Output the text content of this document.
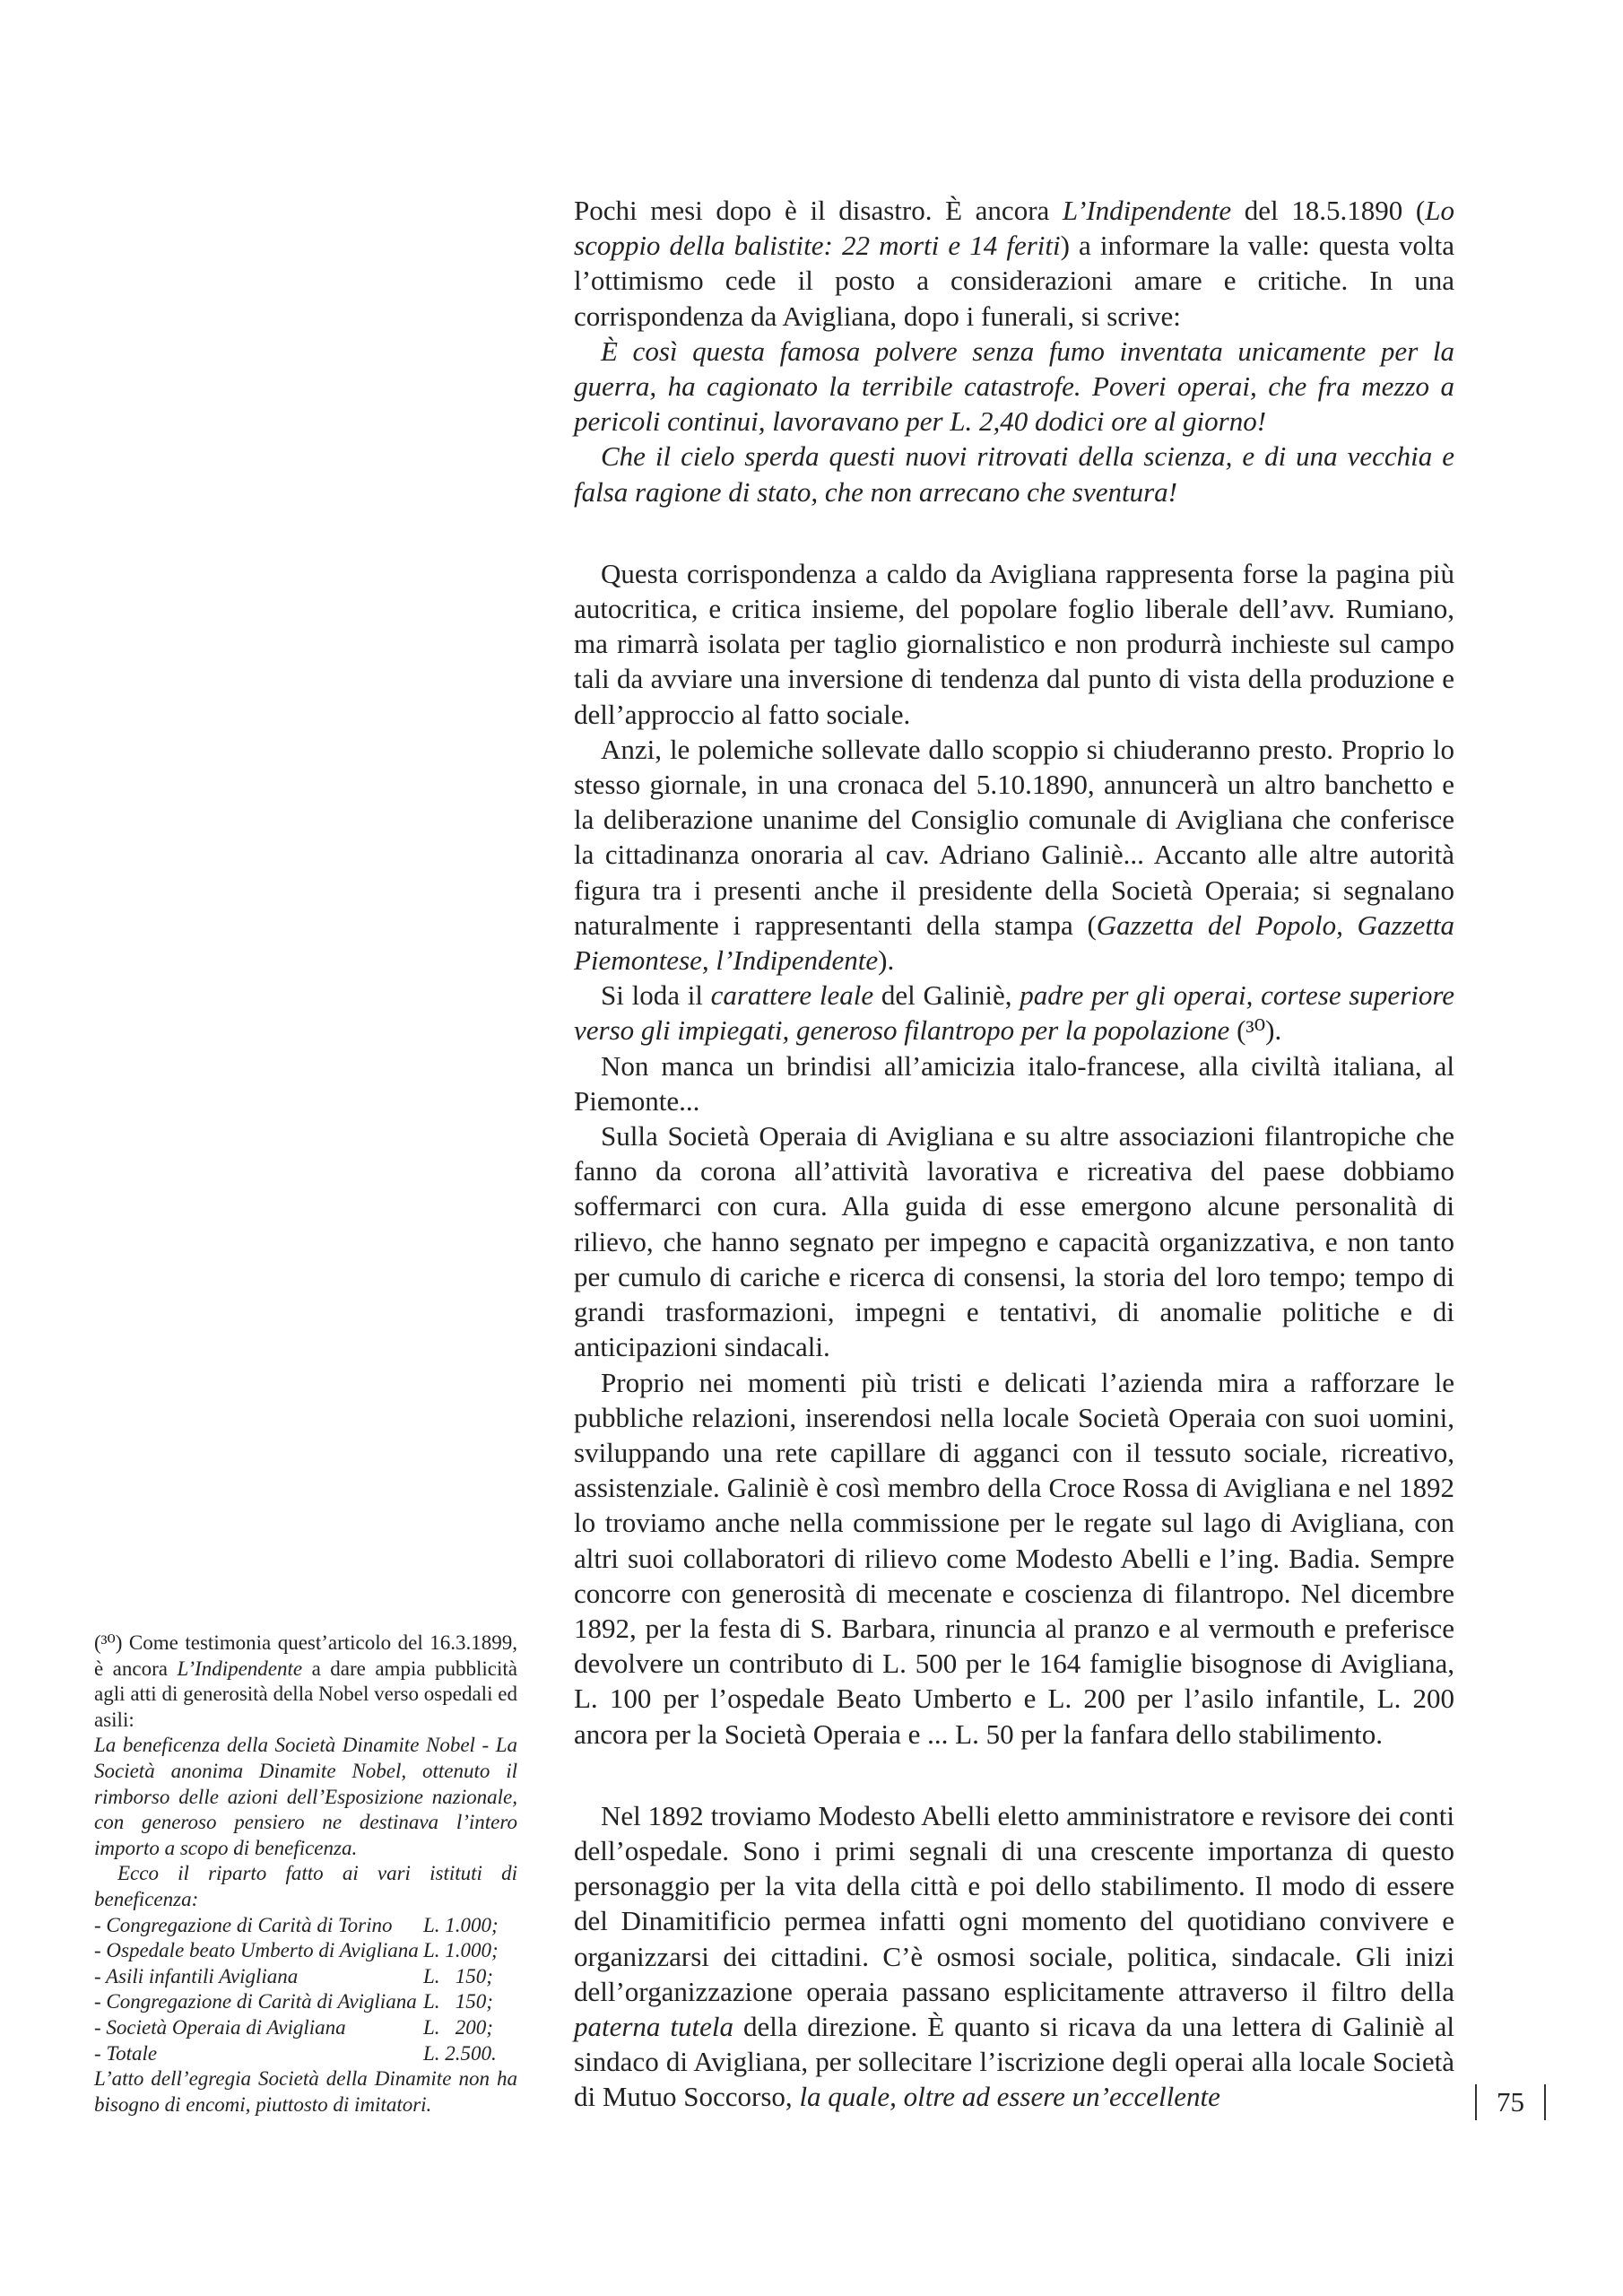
Pochi mesi dopo è il disastro. È ancora L’Indipendente del 18.5.1890 (Lo scoppio della balistite: 22 morti e 14 feriti) a informare la valle: questa volta l’ottimismo cede il posto a considerazioni amare e critiche. In una corrispondenza da Avigliana, dopo i funerali, si scrive:

È così questa famosa polvere senza fumo inventata unicamente per la guerra, ha cagionato la terribile catastrofe. Poveri operai, che fra mezzo a pericoli continui, lavoravano per L. 2,40 dodici ore al giorno!

Che il cielo sperda questi nuovi ritrovati della scienza, e di una vecchia e falsa ragione di stato, che non arrecano che sventura!

Questa corrispondenza a caldo da Avigliana rappresenta forse la pagina più autocritica, e critica insieme, del popolare foglio liberale dell’avv. Rumiano, ma rimarrà isolata per taglio giornalistico e non produrrà inchieste sul campo tali da avviare una inversione di tendenza dal punto di vista della produzione e dell’approccio al fatto sociale.

Anzi, le polemiche sollevate dallo scoppio si chiuderanno presto. Proprio lo stesso giornale, in una cronaca del 5.10.1890, annuncerà un altro banchetto e la deliberazione unanime del Consiglio comunale di Avigliana che conferisce la cittadinanza onoraria al cav. Adriano Galiniè... Accanto alle altre autorità figura tra i presenti anche il presidente della Società Operaia; si segnalano naturalmente i rappresentanti della stampa (Gazzetta del Popolo, Gazzetta Piemontese, l’Indipendente).

Si loda il carattere leale del Galiniè, padre per gli operai, cortese superiore verso gli impiegati, generoso filantropo per la popolazione (³⁰).

Non manca un brindisi all’amicizia italo-francese, alla civiltà italiana, al Piemonte...

Sulla Società Operaia di Avigliana e su altre associazioni filantropiche che fanno da corona all’attività lavorativa e ricreativa del paese dobbiamo soffermarci con cura. Alla guida di esse emergono alcune personalità di rilievo, che hanno segnato per impegno e capacità organizzativa, e non tanto per cumulo di cariche e ricerca di consensi, la storia del loro tempo; tempo di grandi trasformazioni, impegni e tentativi, di anomalie politiche e di anticipazioni sindacali.

Proprio nei momenti più tristi e delicati l’azienda mira a rafforzare le pubbliche relazioni, inserendosi nella locale Società Operaia con suoi uomini, sviluppando una rete capillare di agganci con il tessuto sociale, ricreativo, assistenziale. Galiniè è così membro della Croce Rossa di Avigliana e nel 1892 lo troviamo anche nella commissione per le regate sul lago di Avigliana, con altri suoi collaboratori di rilievo come Modesto Abelli e l’ing. Badia. Sempre concorre con generosità di mecenate e coscienza di filantropo. Nel dicembre 1892, per la festa di S. Barbara, rinuncia al pranzo e al vermouth e preferisce devolvere un contributo di L. 500 per le 164 famiglie bisognose di Avigliana, L. 100 per l’ospedale Beato Umberto e L. 200 per l’asilo infantile, L. 200 ancora per la Società Operaia e ... L. 50 per la fanfara dello stabilimento.

Nel 1892 troviamo Modesto Abelli eletto amministratore e revisore dei conti dell’ospedale. Sono i primi segnali di una crescente importanza di questo personaggio per la vita della città e poi dello stabilimento. Il modo di essere del Dinamitificio permea infatti ogni momento del quotidiano convivere e organizzarsi dei cittadini. C’è osmosi sociale, politica, sindacale. Gli inizi dell’organizzazione operaia passano esplicitamente attraverso il filtro della paterna tutela della direzione. È quanto si ricava da una lettera di Galiniè al sindaco di Avigliana, per sollecitare l’iscrizione degli operai alla locale Società di Mutuo Soccorso, la quale, oltre ad essere un’eccellente

(³⁰) Come testimonia quest’articolo del 16.3.1899, è ancora L’Indipendente a dare ampia pubblicità agli atti di generosità della Nobel verso ospedali ed asili:

La beneficenza della Società Dinamite Nobel - La Società anonima Dinamite Nobel, ottenuto il rimborso delle azioni dell’Esposizione nazionale, con generoso pensiero ne destinava l’intero importo a scopo di beneficenza.

Ecco il riparto fatto ai vari istituti di beneficenza:

- Congregazione di Carità di Torino	L. 1.000;
- Ospedale beato Umberto di Avigliana L. 1.000;
- Asili infantili Avigliana	L.   150;
- Congregazione di Carità di Avigliana L.   150;
- Società Operaia di Avigliana	L.   200;
- Totale	L. 2.500.

L’atto dell’egregia Società della Dinamite non ha bisogno di encomi, piuttosto di imitatori.	75
